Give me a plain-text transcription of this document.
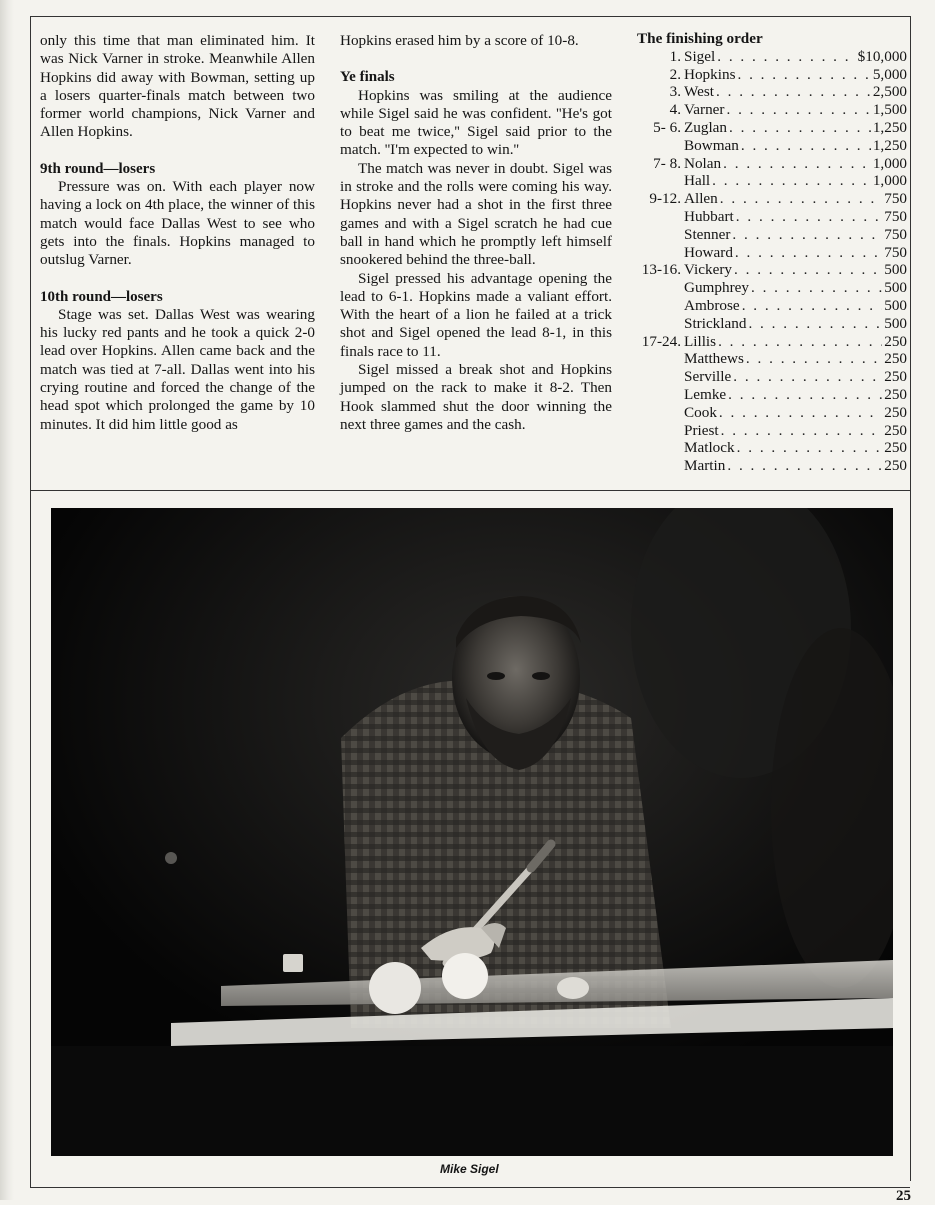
only this time that man eliminated him. It was Nick Varner in stroke. Meanwhile Allen Hopkins did away with Bowman, setting up a losers quarter-finals match between two former world champions, Nick Varner and Allen Hopkins.

9th round—losers

Pressure was on. With each player now having a lock on 4th place, the winner of this match would face Dallas West to see who gets into the finals. Hopkins managed to outslug Varner.

10th round—losers

Stage was set. Dallas West was wearing his lucky red pants and he took a quick 2-0 lead over Hopkins. Allen came back and the match was tied at 7-all. Dallas went into his crying routine and forced the change of the head spot which prolonged the game by 10 minutes. It did him little good as

Hopkins erased him by a score of 10-8.

Ye finals

Hopkins was smiling at the audience while Sigel said he was confident. ''He's got to beat me twice,'' Sigel said prior to the match. ''I'm expected to win.''

The match was never in doubt. Sigel was in stroke and the rolls were coming his way. Hopkins never had a shot in the first three games and with a Sigel scratch he had cue ball in hand which he promptly left himself snookered behind the three-ball.

Sigel pressed his advantage opening the lead to 6-1. Hopkins made a valiant effort. With the heart of a lion he failed at a trick shot and Sigel opened the lead 8-1, in this finals race to 11.

Sigel missed a break shot and Hopkins jumped on the rack to make it 8-2. Then Hook slammed shut the door winning the next three games and the cash.

The finishing order
1. Sigel . . .	$10,000
2. Hopkins . . .	5,000
3. West . . .	2,500
4. Varner . . .	1,500
5- 6. Zuglan . . .	1,250
Bowman . . .	1,250
7- 8. Nolan . . .	1,000
Hall . . .	1,000
9-12. Allen . . .	750
Hubbart . . .	750
Stenner . . .	750
Howard . . .	750
13-16. Vickery . . .	500
Gumphrey . . .	500
Ambrose . . .	500
Strickland . . .	500
17-24. Lillis . . .	250
Matthews . . .	250
Serville . . .	250
Lemke . . .	250
Cook . . .	250
Priest . . .	250
Matlock . . .	250
Martin . . .	250
Mike Sigel
25
